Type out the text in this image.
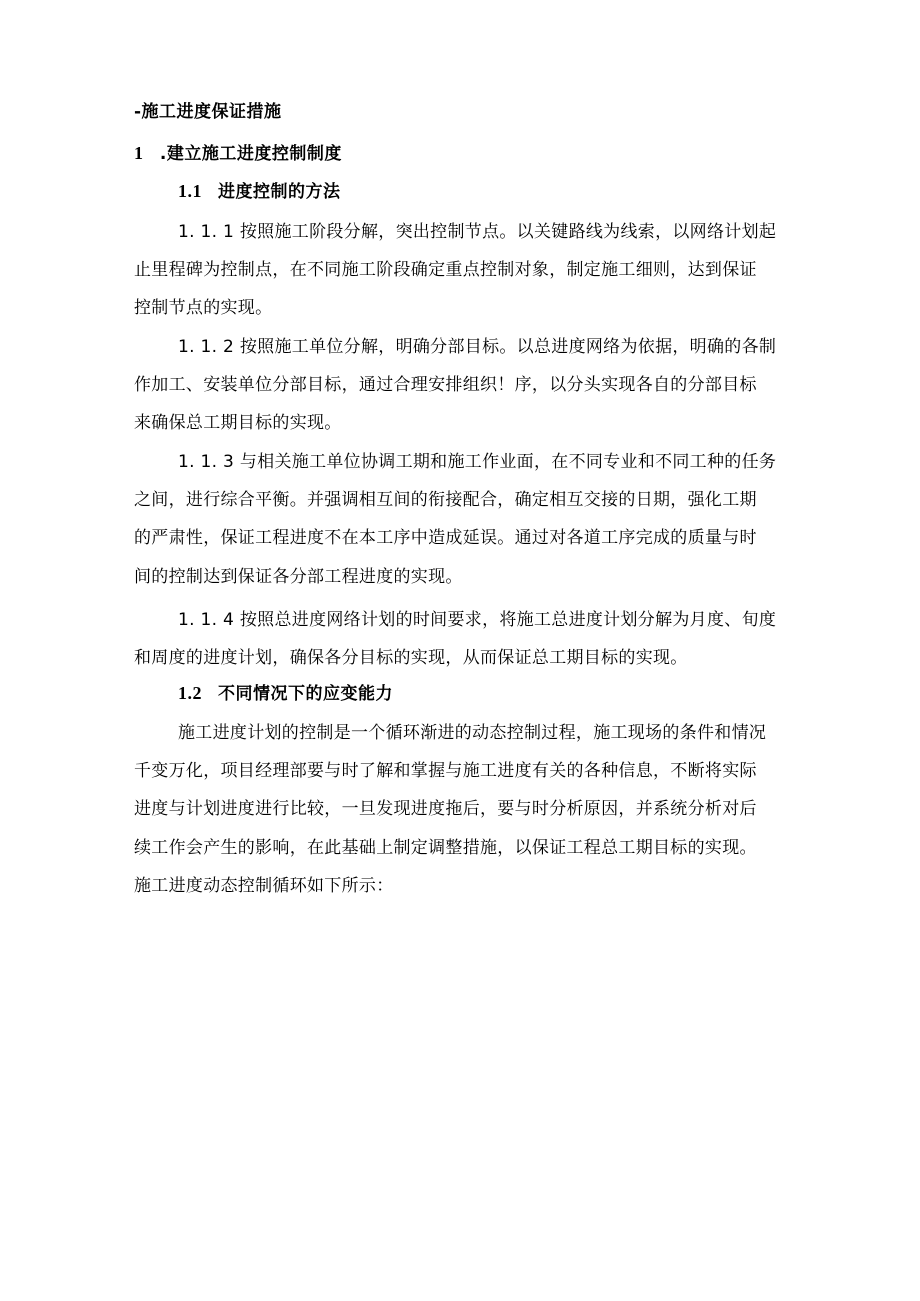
-施工进度保证措施
1 .建立施工进度控制制度
1.1 进度控制的方法
1. 1. 1 按照施工阶段分解，突出控制节点。以关键路线为线索，以网络计划起
止里程碑为控制点，在不同施工阶段确定重点控制对象，制定施工细则，达到保证
控制节点的实现。
1. 1. 2 按照施工单位分解，明确分部目标。以总进度网络为依据，明确的各制
作加工、安装单位分部目标，通过合理安排组织！序，以分头实现各自的分部目标
来确保总工期目标的实现。
1. 1. 3 与相关施工单位协调工期和施工作业面，在不同专业和不同工种的任务
之间，进行综合平衡。并强调相互间的衔接配合，确定相互交接的日期，强化工期
的严肃性，保证工程进度不在本工序中造成延误。通过对各道工序完成的质量与时
间的控制达到保证各分部工程进度的实现。
1. 1. 4 按照总进度网络计划的时间要求，将施工总进度计划分解为月度、旬度
和周度的进度计划，确保各分目标的实现，从而保证总工期目标的实现。
1.2 不同情况下的应变能力
施工进度计划的控制是一个循环渐进的动态控制过程，施工现场的条件和情况
千变万化，项目经理部要与时了解和掌握与施工进度有关的各种信息，不断将实际
进度与计划进度进行比较，一旦发现进度拖后，要与时分析原因，并系统分析对后
续工作会产生的影响，在此基础上制定调整措施，以保证工程总工期目标的实现。
施工进度动态控制循环如下所示：
